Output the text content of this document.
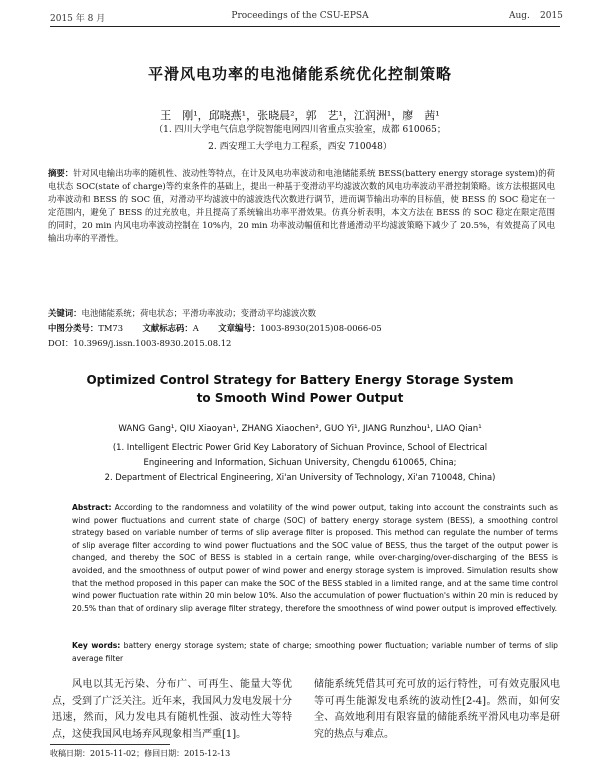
2015 年 8 月	Proceedings of the CSU-EPSA	Aug. 2015
平滑风电功率的电池储能系统优化控制策略
王　刚¹，邱晓燕¹，张晓晨²，郭　艺¹，江润洲¹，廖　茜¹
（1. 四川大学电气信息学院智能电网四川省重点实验室，成都 610065；
2. 西安理工大学电力工程系，西安 710048）
摘要：针对风电输出功率的随机性、波动性等特点，在计及风电功率波动和电池储能系统 BESS(battery energy storage system)的荷电状态 SOC(state of charge)等约束条件的基础上，提出一种基于变滑动平均滤波次数的风电功率波动平滑控制策略。该方法根据风电功率波动和 BESS 的 SOC 值，对滑动平均滤波中的滤波迭代次数进行调节，进而调节输出功率的目标值，使 BESS 的 SOC 稳定在一定范围内，避免了 BESS 的过充放电，并且提高了系统输出功率平滑效果。仿真分析表明，本文方法在 BESS 的 SOC 稳定在限定范围的同时，20 min 内风电功率波动控制在 10%内，20 min 功率波动幅值和比普通滑动平均滤波策略下减少了 20.5%，有效提高了风电输出功率的平滑性。
关键词：电池储能系统；荷电状态；平滑功率波动；变滑动平均滤波次数
中图分类号：TM73   文献标志码：A   文章编号：1003-8930(2015)08-0066-05
DOI：10.3969/j.issn.1003-8930.2015.08.12
Optimized Control Strategy for Battery Energy Storage System
to Smooth Wind Power Output
WANG Gang¹, QIU Xiaoyan¹, ZHANG Xiaochen², GUO Yi¹, JIANG Runzhou¹, LIAO Qian¹
(1. Intelligent Electric Power Grid Key Laboratory of Sichuan Province, School of Electrical
Engineering and Information, Sichuan University, Chengdu 610065, China;
2. Department of Electrical Engineering, Xi'an University of Technology, Xi'an 710048, China)
Abstract: According to the randomness and volatility of the wind power output, taking into account the constraints such as wind power fluctuations and current state of charge (SOC) of battery energy storage system (BESS), a smoothing control strategy based on variable number of terms of slip average filter is proposed. This method can regulate the number of terms of slip average filter according to wind power fluctuations and the SOC value of BESS, thus the target of the output power is changed, and thereby the SOC of BESS is stabled in a certain range, while over-charging/over-discharging of the BESS is avoided, and the smoothness of output power of wind power and energy storage system is improved. Simulation results show that the method proposed in this paper can make the SOC of the BESS stabled in a limited range, and at the same time control wind power fluctuation rate within 20 min below 10%. Also the accumulation of power fluctuation's within 20 min is reduced by 20.5% than that of ordinary slip average filter strategy, therefore the smoothness of wind power output is improved effectively.
Key words: battery energy storage system; state of charge; smoothing power fluctuation; variable number of terms of slip average filter
风电以其无污染、分布广、可再生、能量大等优点，受到了广泛关注。近年来，我国风力发电发展十分迅速，然而，风力发电具有随机性强、波动性大等特点，这使我国风电场弃风现象相当严重[1]。
储能系统凭借其可充可放的运行特性，可有效克服风电等可再生能源发电系统的波动性[2-4]。然而，如何安全、高效地利用有限容量的储能系统平滑风电功率是研究的热点与难点。
收稿日期：2015-11-02；修回日期：2015-12-13
